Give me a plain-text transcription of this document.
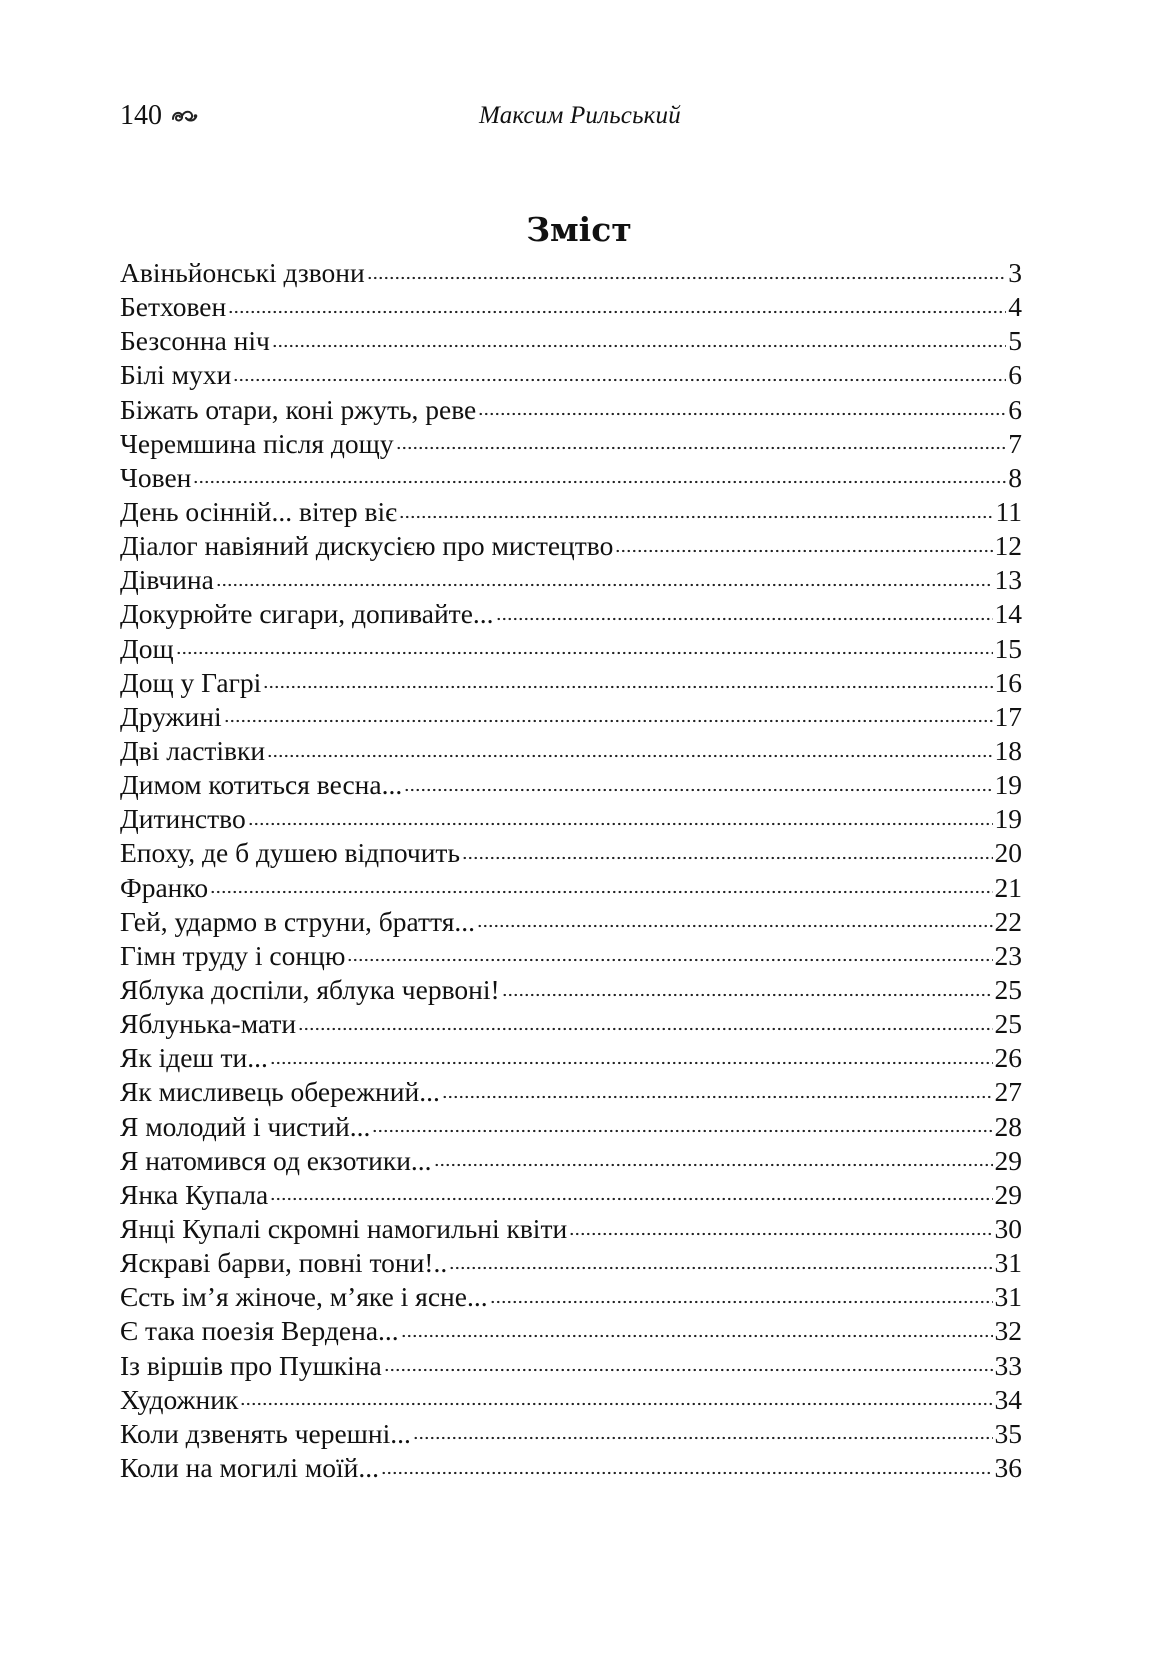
140	Максим Рильський
Зміст
Авіньйонські дзвони	3
Бетховен	4
Безсонна ніч	5
Білі мухи	6
Біжать отари, коні ржуть, реве	6
Черемшина після дощу	7
Човен	8
День осінній... вітер віє	11
Діалог навіяний дискусією про мистецтво	12
Дівчина	13
Докурюйте сигари, допивайте...	14
Дощ	15
Дощ у Гагрі	16
Дружині	17
Дві ластівки	18
Димом котиться весна...	19
Дитинство	19
Епоху, де б душею відпочить	20
Франко	21
Гей, удармо в струни, браття...	22
Гімн труду і сонцю	23
Яблука доспіли, яблука червоні!	25
Яблунька-мати	25
Як ідеш ти...	26
Як мисливець обережний...	27
Я молодий і чистий...	28
Я натомився од екзотики...	29
Янка Купала	29
Янці Купалі скромні намогильні квіти	30
Яскраві барви, повні тони!..	31
Єсть ім’я жіноче, м’яке і ясне...	31
Є така поезія Вердена...	32
Із віршів про Пушкіна	33
Художник	34
Коли дзвенять черешні...	35
Коли на могилі моїй...	36
